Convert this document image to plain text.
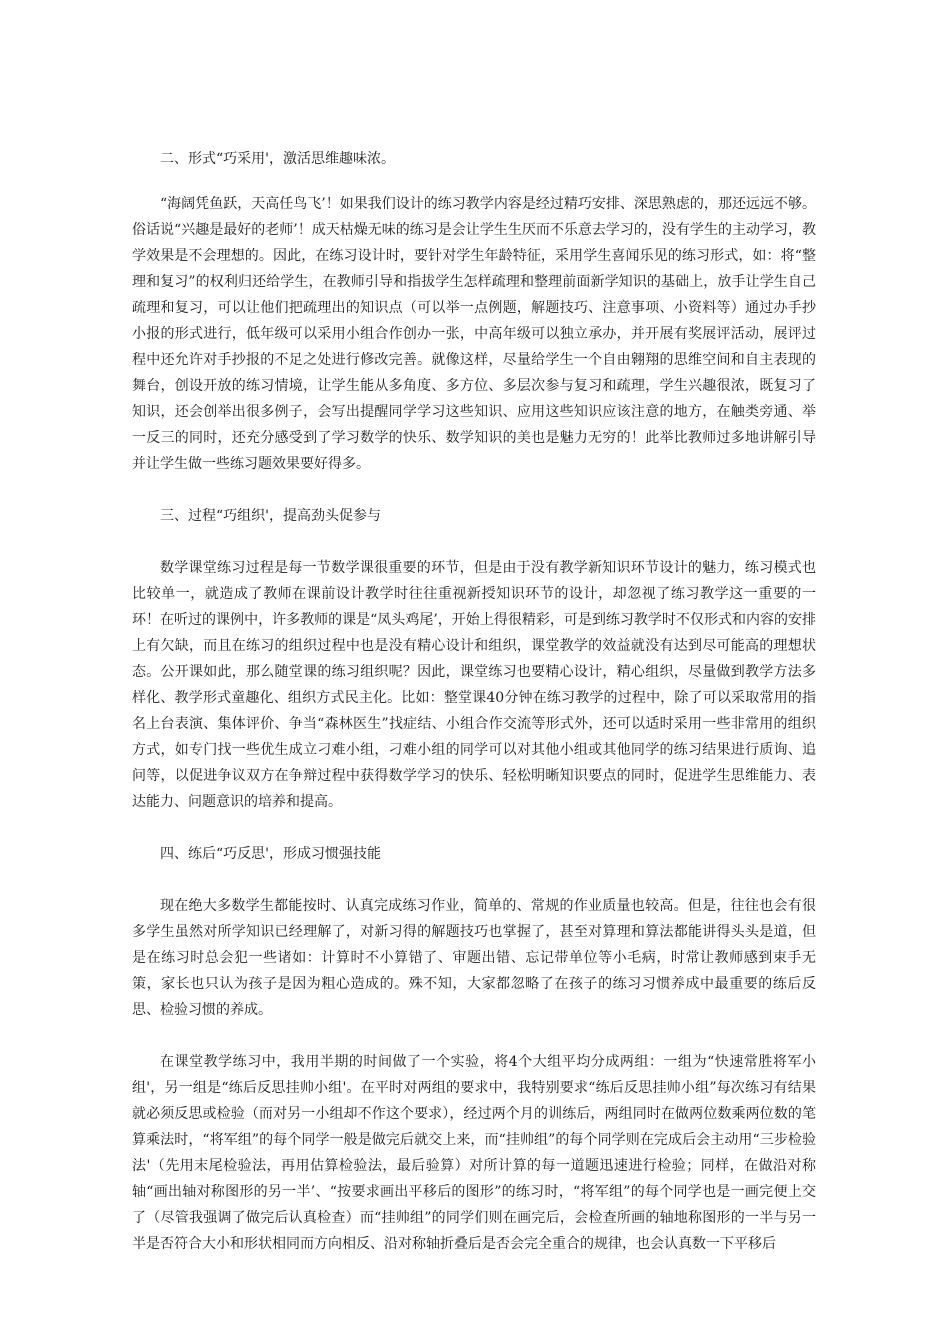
二、形式“巧采用'，激活思维趣味浓。

“海阔凭鱼跃，天高任鸟飞’！如果我们设计的练习教学内容是经过精巧安排、深思熟虑的，那还远远不够。俗话说“兴趣是最好的老师’！成天枯燥无味的练习是会让学生生厌而不乐意去学习的，没有学生的主动学习，教学效果是不会理想的。因此，在练习设计时，要针对学生年龄特征，采用学生喜闻乐见的练习形式，如：将“整理和复习”的权利归还给学生，在教师引导和指拔学生怎样疏理和整理前面新学知识的基础上，放手让学生自己疏理和复习，可以让他们把疏理出的知识点（可以举一点例题，解题技巧、注意事项、小资料等）通过办手抄小报的形式进行，低年级可以采用小组合作创办一张，中高年级可以独立承办，并开展有奖展评活动，展评过程中还允许对手抄报的不足之处进行修改完善。就像这样，尽量给学生一个自由翱翔的思维空间和自主表现的舞台，创设开放的练习情境，让学生能从多角度、多方位、多层次参与复习和疏理，学生兴趣很浓，既复习了知识，还会创举出很多例子，会写出提醒同学学习这些知识、应用这些知识应该注意的地方，在触类旁通、举一反三的同时，还充分感受到了学习数学的快乐、数学知识的美也是魅力无穷的！此举比教师过多地讲解引导并让学生做一些练习题效果要好得多。

三、过程“巧组织'，提高劲头促参与

数学课堂练习过程是每一节数学课很重要的环节，但是由于没有教学新知识环节设计的魅力，练习模式也比较单一，就造成了教师在课前设计教学时往往重视新授知识环节的设计，却忽视了练习教学这一重要的一环！在听过的课例中，许多教师的课是“凤头鸡尾’，开始上得很精彩，可是到练习教学时不仅形式和内容的安排上有欠缺，而且在练习的组织过程中也是没有精心设计和组织，课堂教学的效益就没有达到尽可能高的理想状态。公开课如此，那么随堂课的练习组织呢？因此，课堂练习也要精心设计，精心组织，尽量做到教学方法多样化、教学形式童趣化、组织方式民主化。比如：整堂课40分钟在练习教学的过程中，除了可以采取常用的指名上台表演、集体评价、争当“森林医生”找症结、小组合作交流等形式外，还可以适时采用一些非常用的组织方式，如专门找一些优生成立刁难小组，刁难小组的同学可以对其他小组或其他同学的练习结果进行质询、追问等，以促进争议双方在争辩过程中获得数学学习的快乐、轻松明晰知识要点的同时，促进学生思维能力、表达能力、问题意识的培养和提高。

四、练后“巧反思'，形成习惯强技能

现在绝大多数学生都能按时、认真完成练习作业，简单的、常规的作业质量也较高。但是，往往也会有很多学生虽然对所学知识已经理解了，对新习得的解题技巧也掌握了，甚至对算理和算法都能讲得头头是道，但是在练习时总会犯一些诸如：计算时不小算错了、审题出错、忘记带单位等小毛病，时常让教师感到束手无策，家长也只认为孩子是因为粗心造成的。殊不知，大家都忽略了在孩子的练习习惯养成中最重要的练后反思、检验习惯的养成。

在课堂教学练习中，我用半期的时间做了一个实验，将4个大组平均分成两组：一组为“快速常胜将军小组'，另一组是“练后反思挂帅小组'。在平时对两组的要求中，我特别要求“练后反思挂帅小组”每次练习有结果就必须反思或检验（而对另一小组却不作这个要求），经过两个月的训练后，两组同时在做两位数乘两位数的笔算乘法时，“将军组”的每个同学一般是做完后就交上来，而“挂帅组”的每个同学则在完成后会主动用“三步检验法'（先用末尾检验法，再用估算检验法，最后验算）对所计算的每一道题迅速进行检验；同样，在做沿对称轴“画出轴对称图形的另一半’、“按要求画出平移后的图形”的练习时，“将军组”的每个同学也是一画完便上交了（尽管我强调了做完后认真检查）而“挂帅组”的同学们则在画完后，会检查所画的轴地称图形的一半与另一半是否符合大小和形状相同而方向相反、沿对称轴折叠后是否会完全重合的规律，也会认真数一下平移后
